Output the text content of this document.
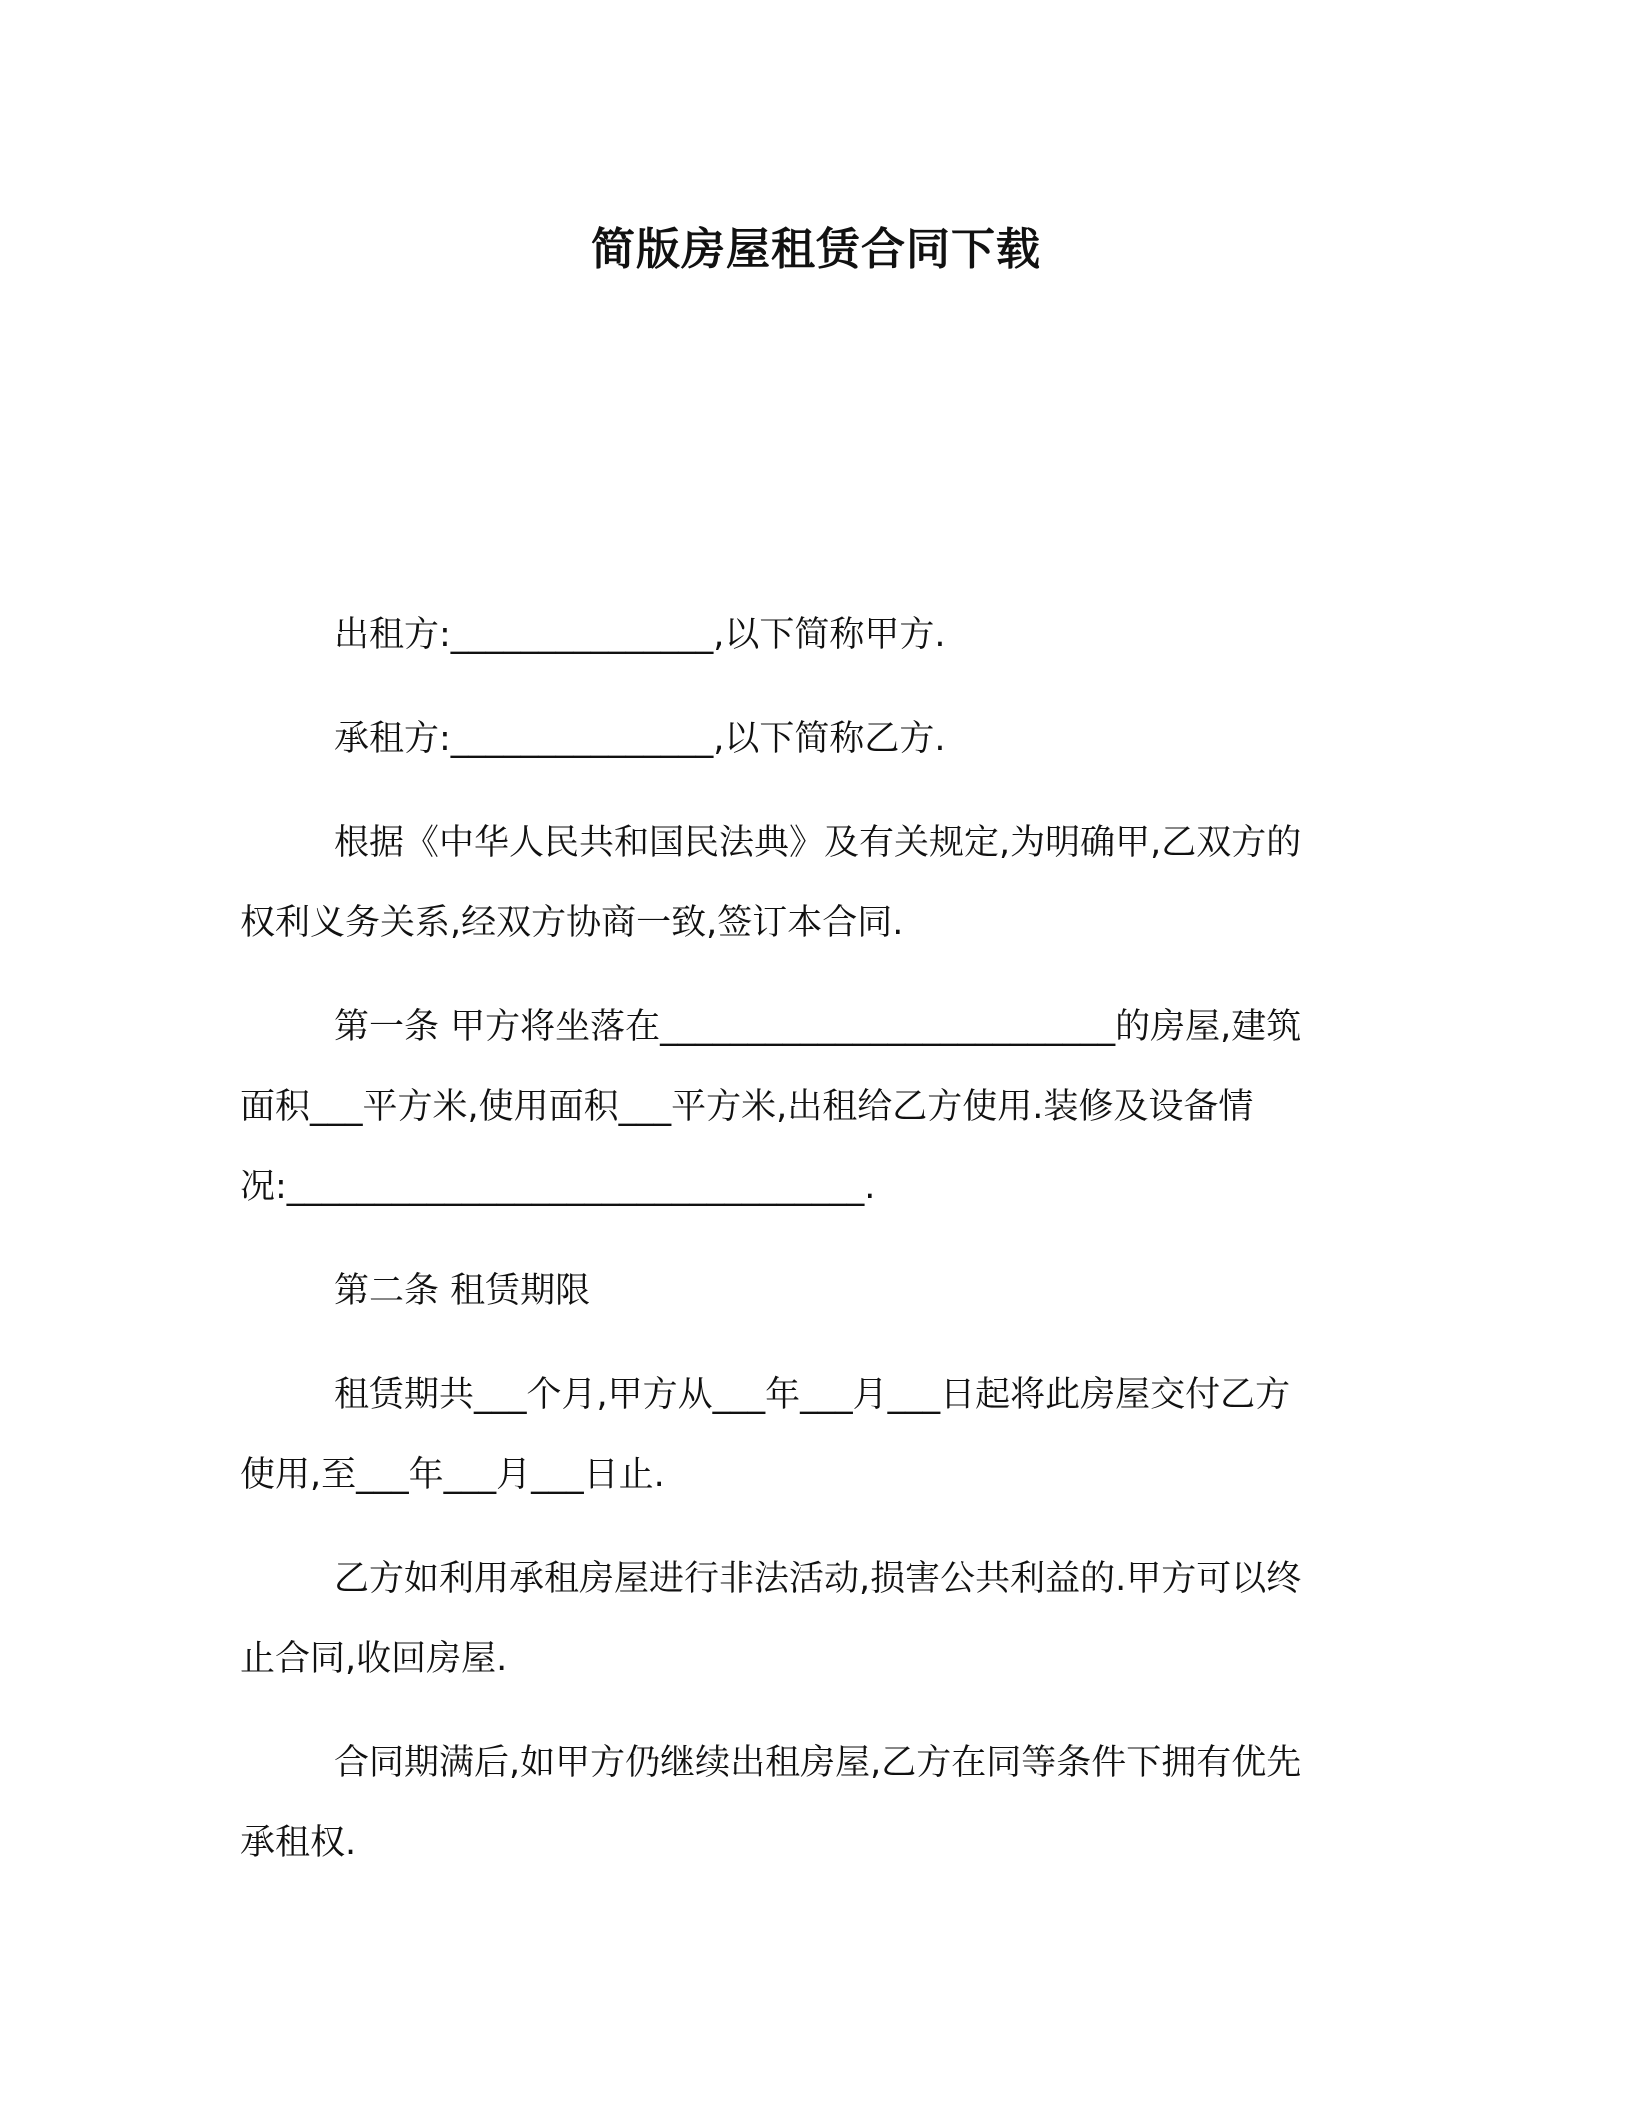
简版房屋租赁合同下载

出租方:_______________,以下简称甲方.

承租方:_______________,以下简称乙方.

根据《中华人民共和国民法典》及有关规定,为明确甲,乙双方的
权利义务关系,经双方协商一致,签订本合同.

第一条 甲方将坐落在__________________________的房屋,建筑
面积___平方米,使用面积___平方米,出租给乙方使用.装修及设备情
况:_________________________________.

第二条 租赁期限

租赁期共___个月,甲方从___年___月___日起将此房屋交付乙方
使用,至___年___月___日止.

乙方如利用承租房屋进行非法活动,损害公共利益的.甲方可以终
止合同,收回房屋.

合同期满后,如甲方仍继续出租房屋,乙方在同等条件下拥有优先
承租权.
